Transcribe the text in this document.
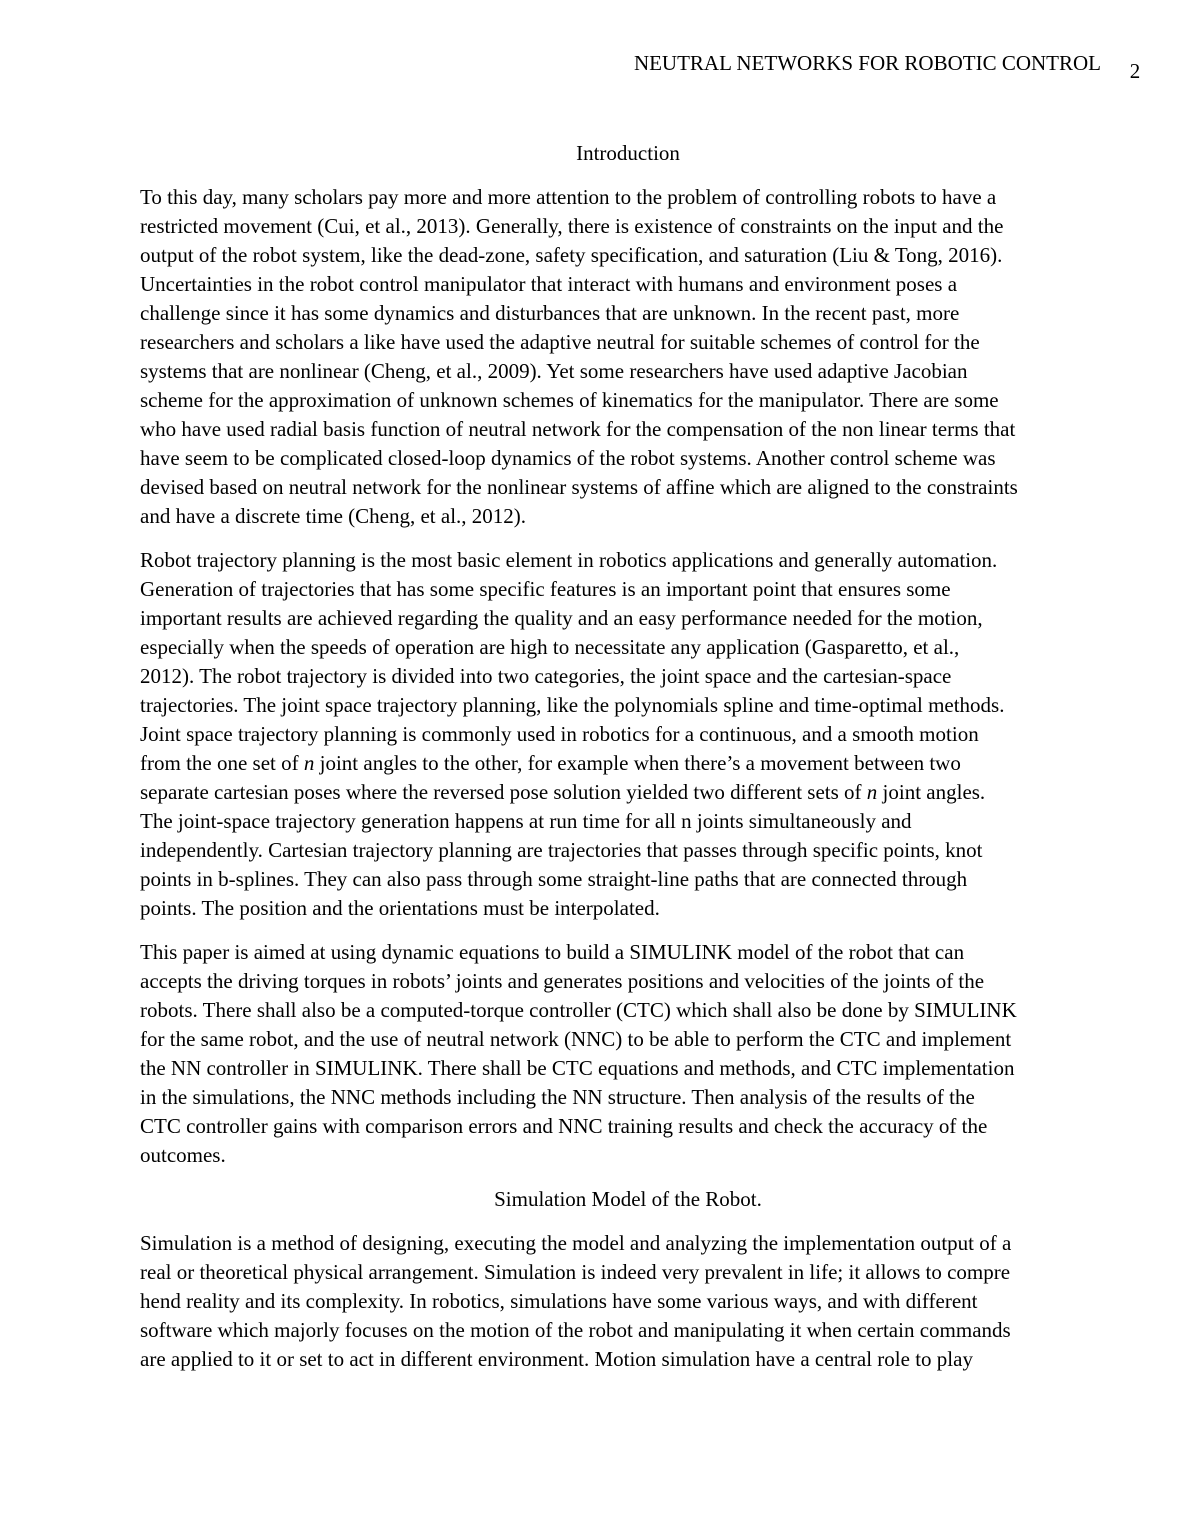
NEUTRAL NETWORKS FOR ROBOTIC CONTROL	2
Introduction
To this day, many scholars pay more and more attention to the problem of controlling robots to have a
restricted movement (Cui, et al., 2013). Generally, there is existence of constraints on the input and the
output of the robot system, like the dead-zone, safety specification, and saturation (Liu & Tong, 2016).
Uncertainties in the robot control manipulator that interact with humans and environment poses a
challenge since it has some dynamics and disturbances that are unknown. In the recent past, more
researchers and scholars a like have used the adaptive neutral for suitable schemes of control for the
systems that are nonlinear (Cheng, et al., 2009). Yet some researchers have used adaptive Jacobian
scheme for the approximation of unknown schemes of kinematics for the manipulator. There are some
who have used radial basis function of neutral network for the compensation of the non linear terms that
have seem to be complicated closed-loop dynamics of the robot systems. Another control scheme was
devised based on neutral network for the nonlinear systems of affine which are aligned to the constraints
and have a discrete time (Cheng, et al., 2012).
Robot trajectory planning is the most basic element in robotics applications and generally automation.
Generation of trajectories that has some specific features is an important point that ensures some
important results are achieved regarding the quality and an easy performance needed for the motion,
especially when the speeds of operation are high to necessitate any application (Gasparetto, et al.,
2012). The robot trajectory is divided into two categories, the joint space and the cartesian-space
trajectories. The joint space trajectory planning, like the polynomials spline and time-optimal methods.
Joint space trajectory planning is commonly used in robotics for a continuous, and a smooth motion
from the one set of n joint angles to the other, for example when there’s a movement between two
separate cartesian poses where the reversed pose solution yielded two different sets of n joint angles.
The joint-space trajectory generation happens at run time for all n joints simultaneously and
independently. Cartesian trajectory planning are trajectories that passes through specific points, knot
points in b-splines. They can also pass through some straight-line paths that are connected through
points. The position and the orientations must be interpolated.
This paper is aimed at using dynamic equations to build a SIMULINK model of the robot that can
accepts the driving torques in robots’ joints and generates positions and velocities of the joints of the
robots. There shall also be a computed-torque controller (CTC) which shall also be done by SIMULINK
for the same robot, and the use of neutral network (NNC) to be able to perform the CTC and implement
the NN controller in SIMULINK. There shall be CTC equations and methods, and CTC implementation
in the simulations, the NNC methods including the NN structure. Then analysis of the results of the
CTC controller gains with comparison errors and NNC training results and check the accuracy of the
outcomes.
Simulation Model of the Robot.
Simulation is a method of designing, executing the model and analyzing the implementation output of a
real or theoretical physical arrangement. Simulation is indeed very prevalent in life; it allows to compre
hend reality and its complexity. In robotics, simulations have some various ways, and with different
software which majorly focuses on the motion of the robot and manipulating it when certain commands
are applied to it or set to act in different environment. Motion simulation have a central role to play
